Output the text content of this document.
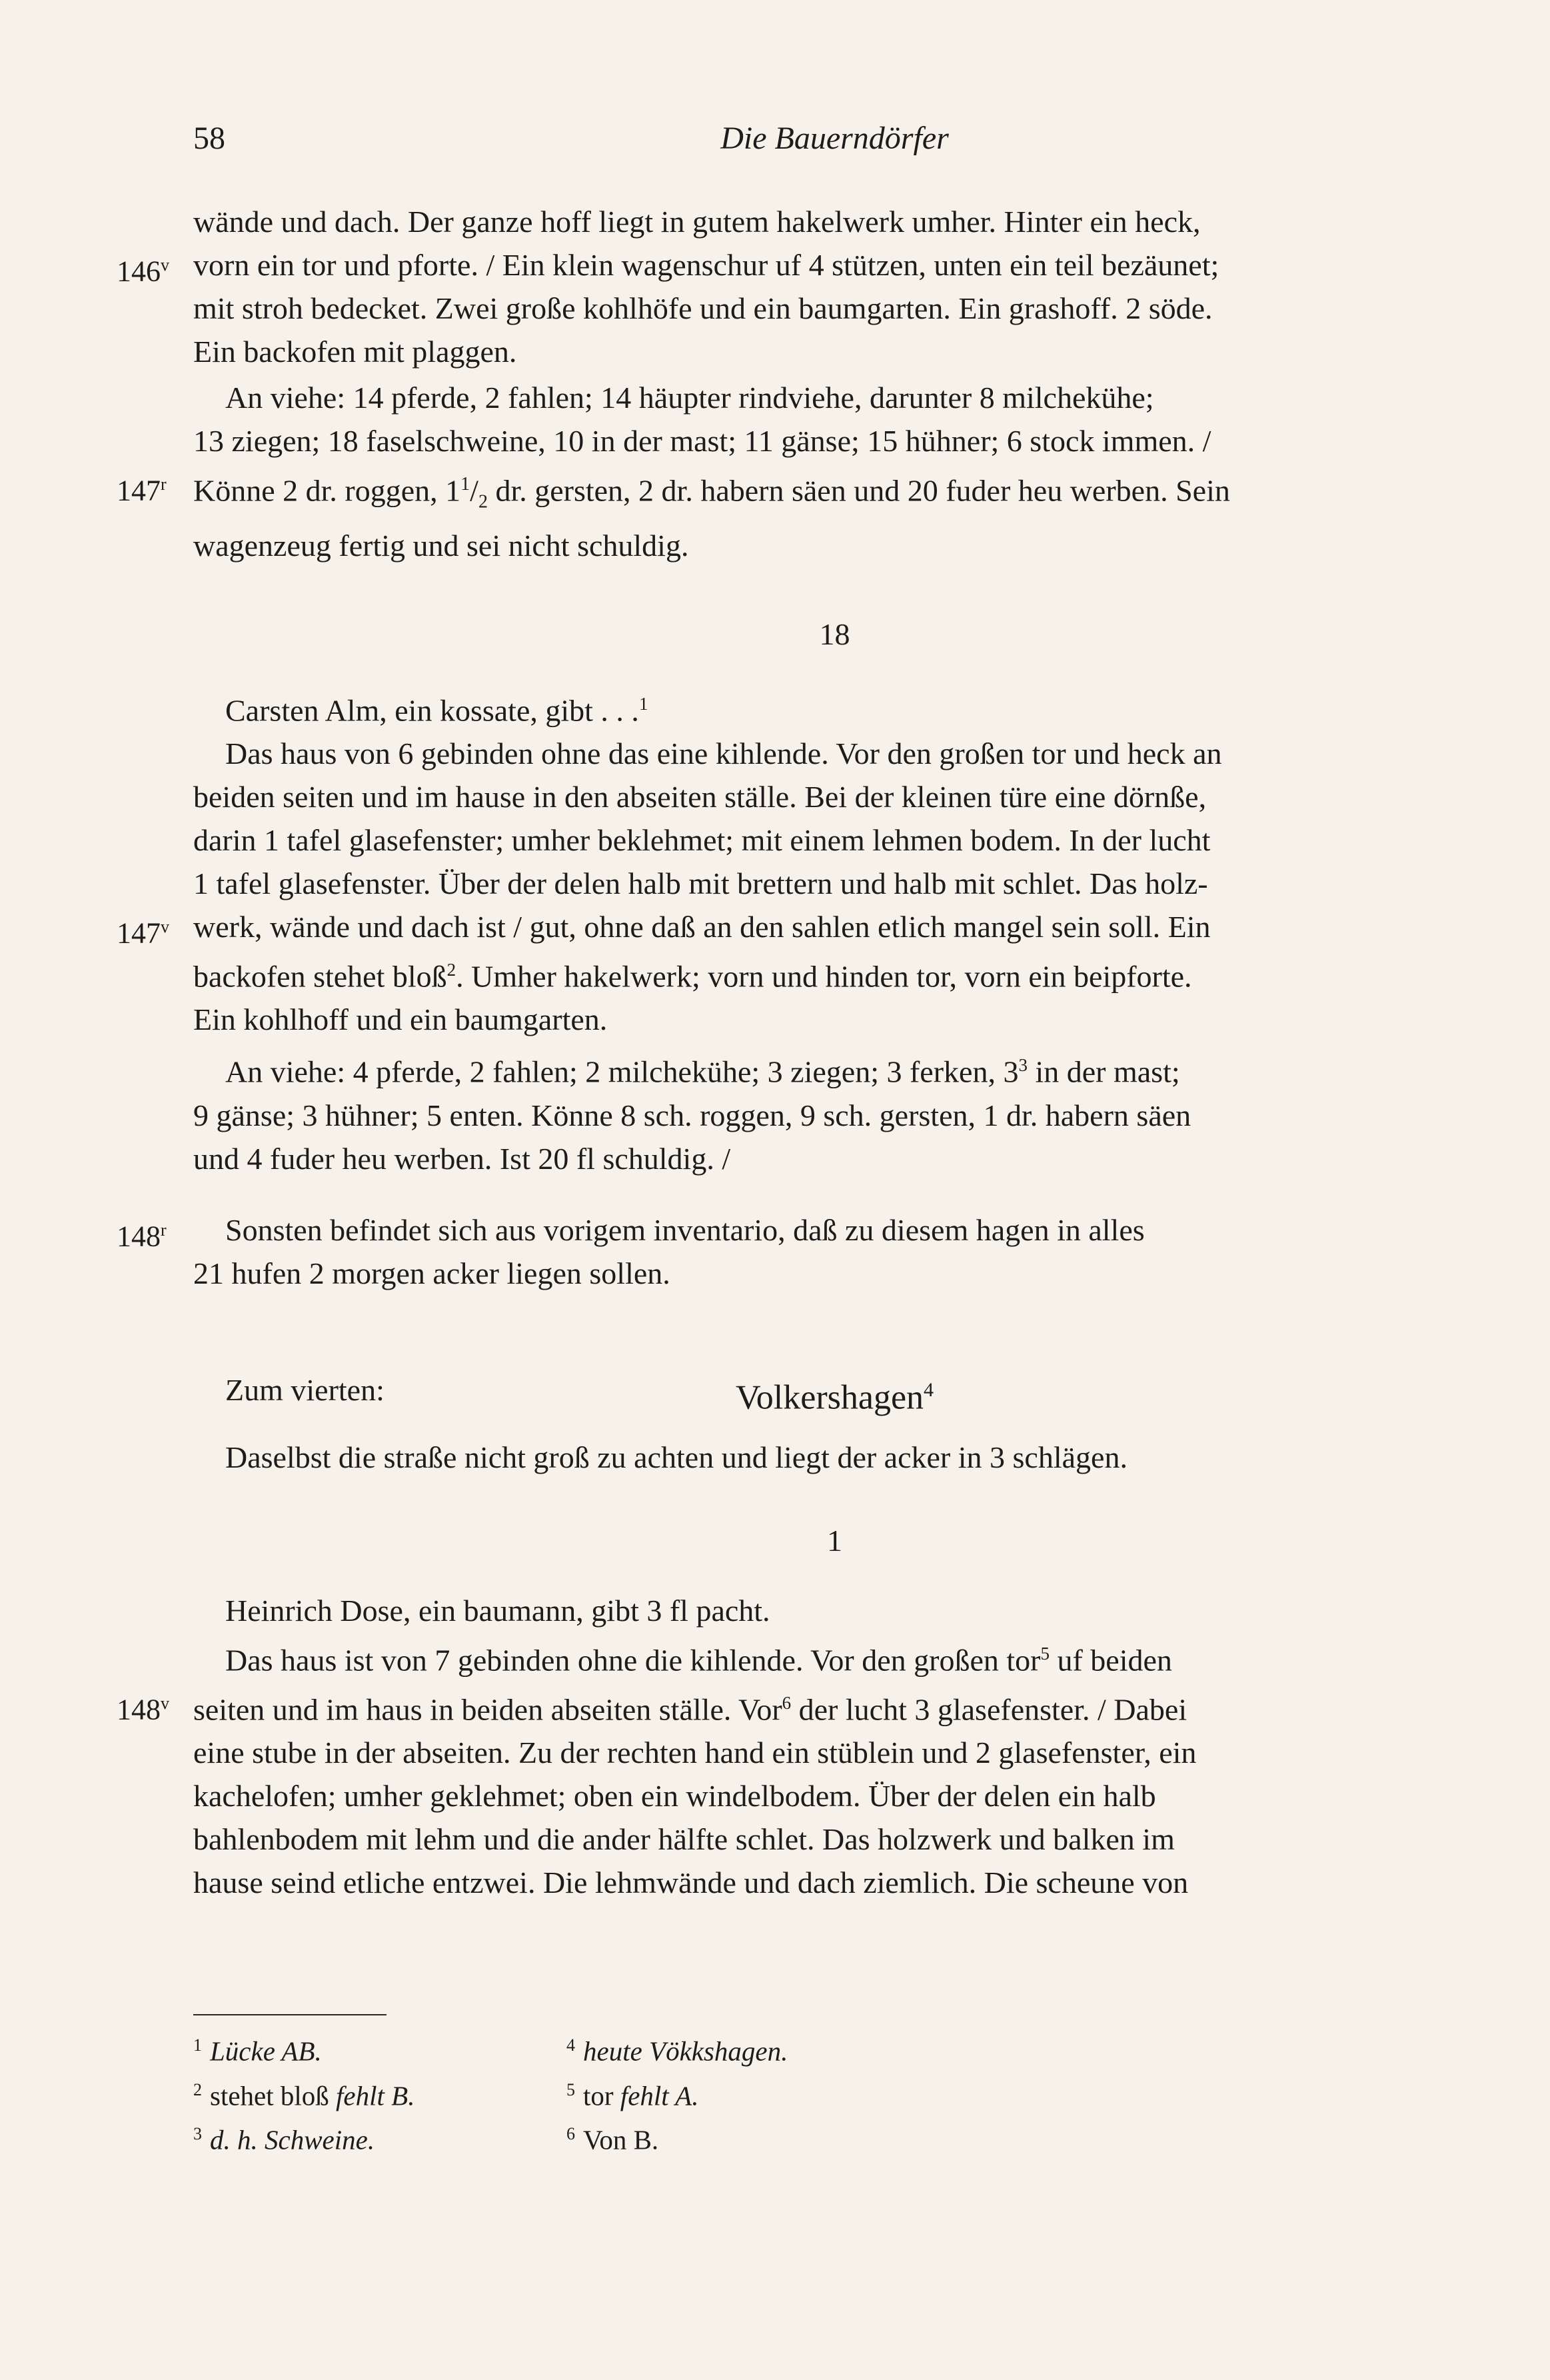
58	Die Bauerndörfer
wände und dach. Der ganze hoff liegt in gutem hakelwerk umher. Hinter ein heck,
146$^v$ vorn ein tor und pforte. / Ein klein wagenschur uf 4 stützen, unten ein teil bezäunet;
mit stroh bedecket. Zwei große kohlhöfe und ein baumgarten. Ein grashoff. 2 söde.
Ein backofen mit plaggen.
An viehe: 14 pferde, 2 fahlen; 14 häupter rindviehe, darunter 8 milchekühe;
13 ziegen; 18 faselschweine, 10 in der mast; 11 gänse; 15 hühner; 6 stock immen. /
147$^r$ Könne 2 dr. roggen, $1^1/_2$ dr. gersten, 2 dr. habern säen und 20 fuder heu werben. Sein
wagenzeug fertig und sei nicht schuldig.
18
Carsten Alm, ein kossate, gibt . . .$^1$
Das haus von 6 gebinden ohne das eine kihlende. Vor den großen tor und heck an
beiden seiten und im hause in den abseiten ställe. Bei der kleinen türe eine dörnße,
darin 1 tafel glasefenster; umher beklehmet; mit einem lehmen bodem. In der lucht
1 tafel glasefenster. Über der delen halb mit brettern und halb mit schlet. Das holz-
147$^v$ werk, wände und dach ist / gut, ohne daß an den sahlen etlich mangel sein soll. Ein
backofen stehet bloß$^2$. Umher hakelwerk; vorn und hinden tor, vorn ein beipforte.
Ein kohlhoff und ein baumgarten.
An viehe: 4 pferde, 2 fahlen; 2 milchekühe; 3 ziegen; 3 ferken, 3$^3$ in der mast;
9 gänse; 3 hühner; 5 enten. Könne 8 sch. roggen, 9 sch. gersten, 1 dr. habern säen
und 4 fuder heu werben. Ist 20 fl schuldig. /
148$^r$ Sonsten befindet sich aus vorigem inventario, daß zu diesem hagen in alles
21 hufen 2 morgen acker liegen sollen.
Zum vierten:	Volkershagen$^4$
Daselbst die straße nicht groß zu achten und liegt der acker in 3 schlägen.
1
Heinrich Dose, ein baumann, gibt 3 fl pacht.
Das haus ist von 7 gebinden ohne die kihlende. Vor den großen tor$^5$ uf beiden
148$^v$ seiten und im haus in beiden abseiten ställe. Vor$^6$ der lucht 3 glasefenster. / Dabei
eine stube in der abseiten. Zu der rechten hand ein stüblein und 2 glasefenster, ein
kachelofen; umher geklehmet; oben ein windelbodem. Über der delen ein halb
bahlenbodem mit lehm und die ander hälfte schlet. Das holzwerk und balken im
hause seind etliche entzwei. Die lehmwände und dach ziemlich. Die scheune von
$^1$ Lücke AB.
$^2$ stehet bloß fehlt B.
$^3$ d. h. Schweine.
$^4$ heute Vökkshagen.
$^5$ tor fehlt A.
$^6$ Von B.
